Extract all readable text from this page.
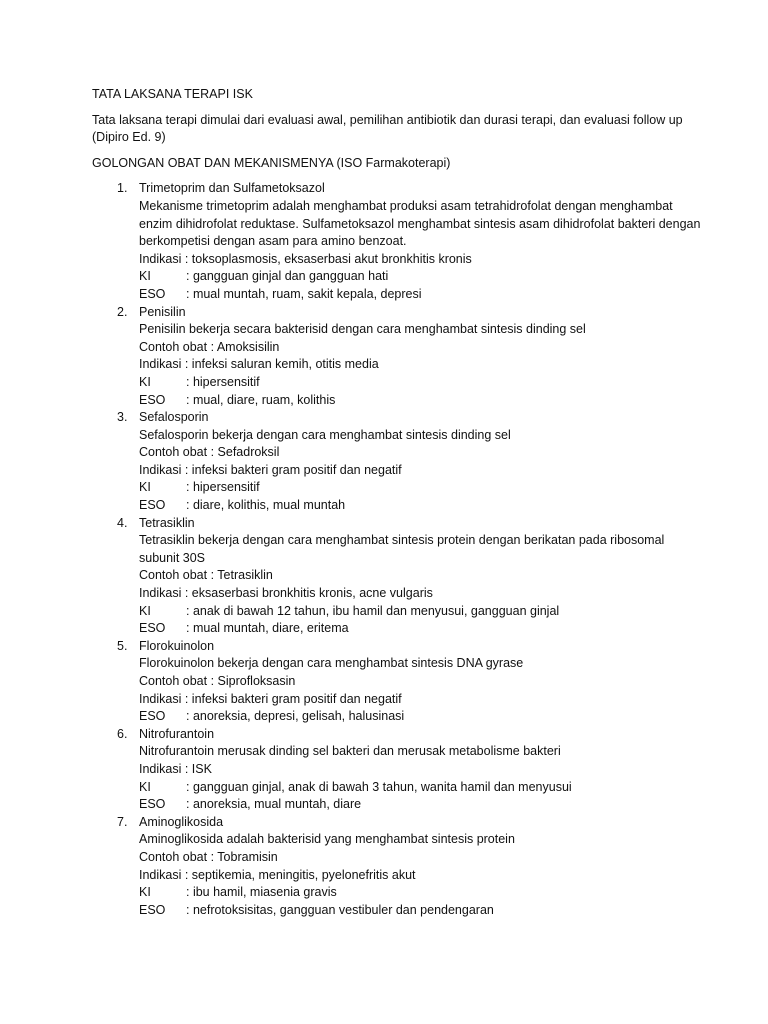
TATA LAKSANA TERAPI ISK
Tata laksana terapi dimulai dari evaluasi awal, pemilihan antibiotik dan durasi terapi, dan evaluasi follow up (Dipiro Ed. 9)
GOLONGAN OBAT DAN MEKANISMENYA (ISO Farmakoterapi)
1. Trimetoprim dan Sulfametoksazol
Mekanisme trimetoprim adalah menghambat produksi asam tetrahidrofolat dengan menghambat enzim dihidrofolat reduktase. Sulfametoksazol menghambat sintesis asam dihidrofolat bakteri dengan berkompetisi dengan asam para amino benzoat.
Indikasi : toksoplasmosis, eksaserbasi akut bronkhitis kronis
KI	: gangguan ginjal dan gangguan hati
ESO	: mual muntah, ruam, sakit kepala, depresi
2. Penisilin
Penisilin bekerja secara bakterisid dengan cara menghambat sintesis dinding sel
Contoh obat : Amoksisilin
Indikasi : infeksi saluran kemih, otitis media
KI	: hipersensitif
ESO	: mual, diare, ruam, kolithis
3. Sefalosporin
Sefalosporin bekerja dengan cara menghambat sintesis dinding sel
Contoh obat : Sefadroksil
Indikasi : infeksi bakteri gram positif dan negatif
KI	: hipersensitif
ESO	: diare, kolithis, mual muntah
4. Tetrasiklin
Tetrasiklin bekerja dengan cara menghambat sintesis protein dengan berikatan pada ribosomal subunit 30S
Contoh obat : Tetrasiklin
Indikasi : eksaserbasi bronkhitis kronis, acne vulgaris
KI	: anak di bawah 12 tahun, ibu hamil dan menyusui, gangguan ginjal
ESO	: mual muntah, diare, eritema
5. Florokuinolon
Florokuinolon bekerja dengan cara menghambat sintesis DNA gyrase
Contoh obat : Siprofloksasin
Indikasi : infeksi bakteri gram positif dan negatif
ESO	: anoreksia, depresi, gelisah, halusinasi
6. Nitrofurantoin
Nitrofurantoin merusak dinding sel bakteri dan merusak metabolisme bakteri
Indikasi : ISK
KI	: gangguan ginjal, anak di bawah 3 tahun, wanita hamil dan menyusui
ESO	: anoreksia, mual muntah, diare
7. Aminoglikosida
Aminoglikosida adalah bakterisid yang menghambat sintesis protein
Contoh obat : Tobramisin
Indikasi : septikemia, meningitis, pyelonefritis akut
KI	: ibu hamil, miasenia gravis
ESO	: nefrotoksisitas, gangguan vestibuler dan pendengaran
